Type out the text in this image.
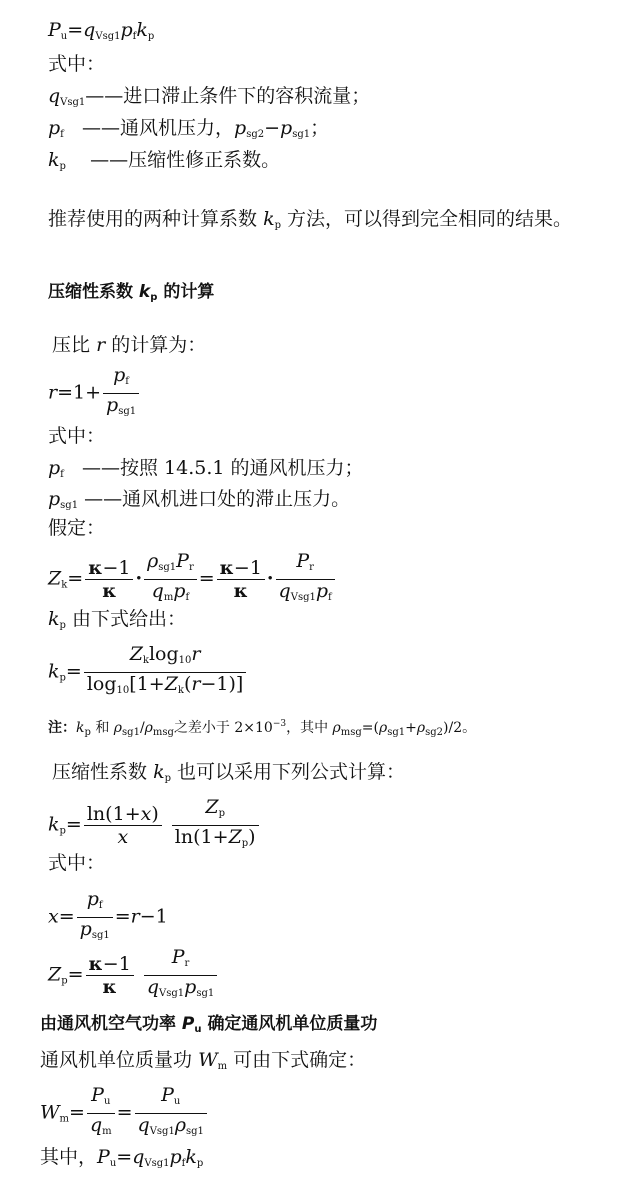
$P_u=q_{Vsg1}p_fk_p$
式中：
$q_{Vsg1}——$进口滞止条件下的容积流量；
$p_f$ ——通风机压力，$p_{sg2}-p_{sg1}$；
$k_p$ ——压缩性修正系数。
推荐使用的两种计算系数 $k_p$ 方法，可以得到完全相同的结果。
压缩性系数 $k_p$ 的计算
压比 r 的计算为：
$r=1+ \frac{p_f}{p_{sg1}}$
式中：
$p_f$ ——按照 14.5.1 的通风机压力；
$p_{sg1}$ ——通风机进口处的滞止压力。
假定：
$Z_k= \frac{\kappa-1}{\kappa} \cdot \frac{\rho_{sg1}P_r}{q_mp_f} = \frac{\kappa-1}{\kappa} \cdot \frac{P_r}{q_{Vsg1}p_f}$
$k_p$ 由下式给出：
$k_p= \frac{Z_k\log_{10}r}{\log_{10}[1+Z_k(r-1)]}$
注：$k_p$ 和 $\rho_{sg1}/\rho_{msg}$之差小于 $2\times 10^{-3}$，其中 $\rho_{msg}=(\rho_{sg1}+\rho_{sg2})/2$。
压缩性系数 $k_p$ 也可以采用下列公式计算：
$k_p= \frac{\ln(1+x)}{x}$
$\frac{Z_p}{\ln(1+Z_p)}$
式中：
$x= \frac{p_f}{p_{sg1}} =r-1$
$Z_p= \frac{\kappa-1}{\kappa}$
$\frac{P_r}{q_{Vsg1}p_{sg1}}$
由通风机空气功率 $P_u$ 确定通风机单位质量功
通风机单位质量功 $W_m$ 可由下式确定：
$W_m= \frac{P_u}{q_m} = \frac{P_u}{q_{Vsg1}\rho_{sg1}}$
其中，$P_u=q_{Vsg1}p_fk_p$
